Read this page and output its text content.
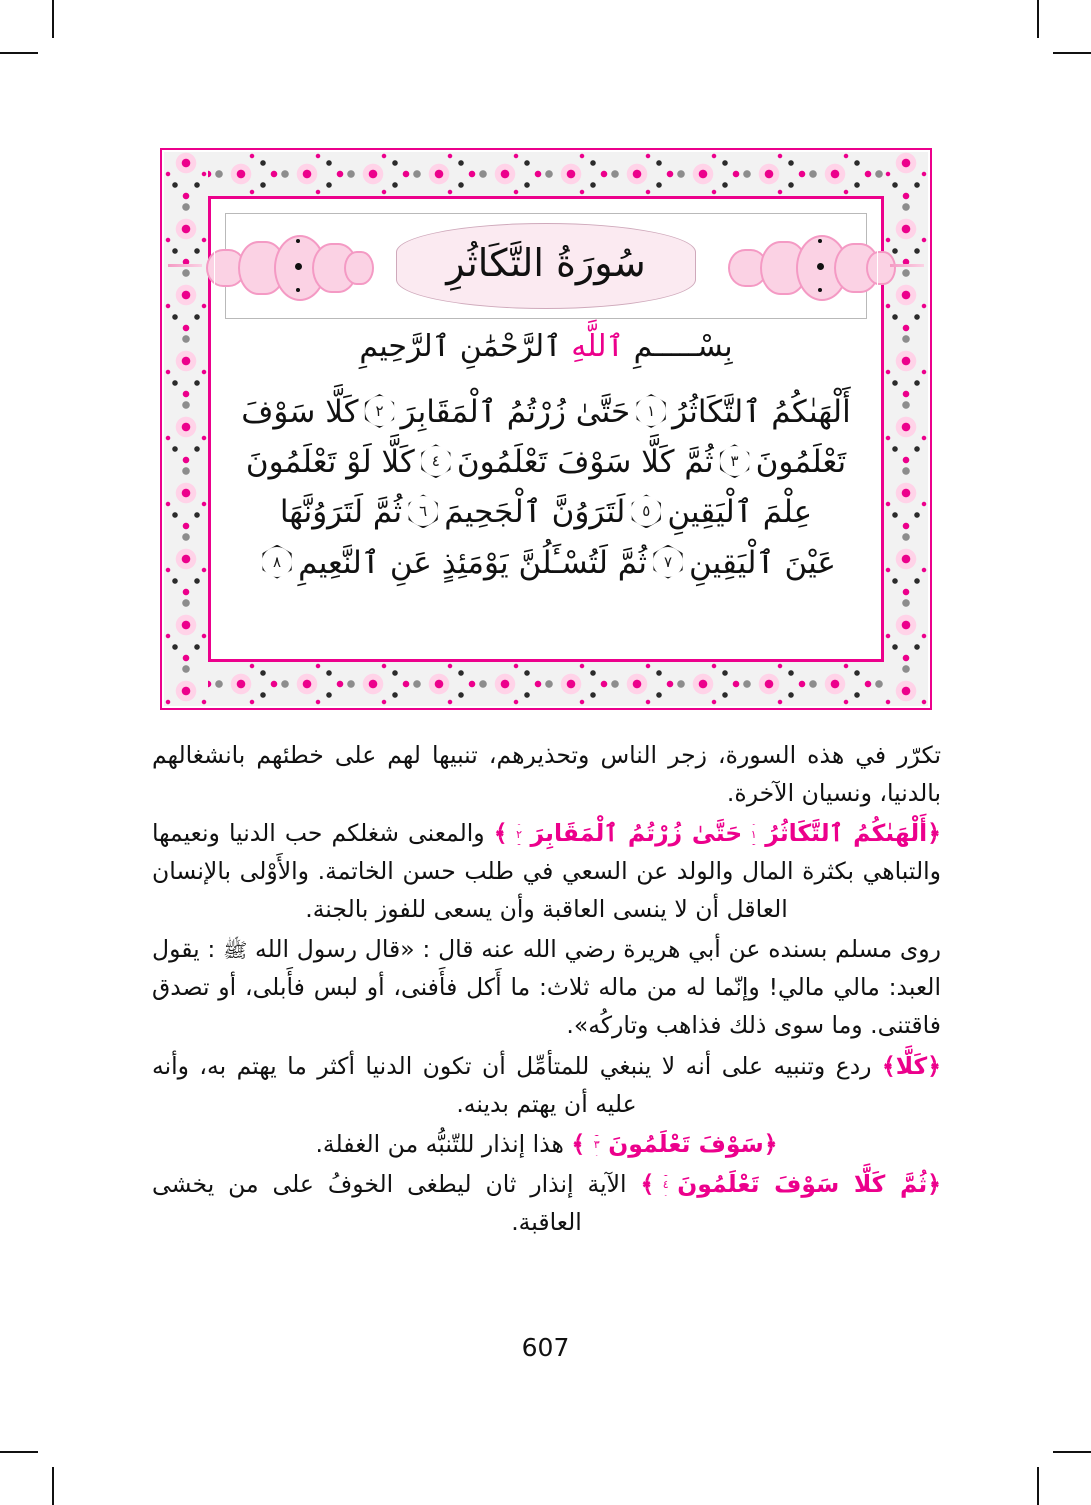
سُورَةُ التَّكَاثُرِ
بِسْـــــمِ ٱللَّهِ ٱلرَّحْمَٰنِ ٱلرَّحِيمِ
أَلْهَىٰكُمُ ٱلتَّكَاثُرُ
١
حَتَّىٰ زُرْتُمُ ٱلْمَقَابِرَ
٢
كَلَّا سَوْفَ
تَعْلَمُونَ
٣
ثُمَّ كَلَّا سَوْفَ تَعْلَمُونَ
٤
كَلَّا لَوْ تَعْلَمُونَ
عِلْمَ ٱلْيَقِينِ
٥
لَتَرَوُنَّ ٱلْجَحِيمَ
٦
ثُمَّ لَتَرَوُنَّهَا
عَيْنَ ٱلْيَقِينِ
٧
ثُمَّ لَتُسْـَٔلُنَّ يَوْمَئِذٍ عَنِ ٱلنَّعِيمِ
٨

تكرّر في هذه السورة، زجر الناس وتحذيرهم، تنبيها لهم على خطئهم بانشغالهم بالدنيا، ونسيان الآخرة.

﴿أَلْهَىٰكُمُ ٱلتَّكَاثُرُ
١
حَتَّىٰ زُرْتُمُ ٱلْمَقَابِرَ
٢
﴾ والمعنى شغلكم حب الدنيا ونعيمها والتباهي بكثرة المال والولد عن السعي في طلب حسن الخاتمة. والأَوْلى بالإنسان العاقل أن لا ينسى العاقبة وأن يسعى للفوز بالجنة.

روى مسلم بسنده عن أبي هريرة رضي الله عنه قال : «قال رسول الله ﷺ : يقول العبد: مالي مالي! وإنّما له من ماله ثلاث: ما أَكل فأَفنى، أو لبس فأَبلى، أو تصدق فاقتنى. وما سوى ذلك فذاهب وتاركُه».

﴿كَلَّا﴾ ردع وتنبيه على أنه لا ينبغي للمتأمِّل أن تكون الدنيا أكثر ما يهتم به، وأنه عليه أن يهتم بدينه.

﴿سَوْفَ تَعْلَمُونَ
٣
﴾ هذا إنذار للتّنبُّه من الغفلة.

﴿ثُمَّ كَلَّا سَوْفَ تَعْلَمُونَ
٤
﴾ الآية إنذار ثان ليطغى الخوفُ على من يخشى العاقبة.

607
